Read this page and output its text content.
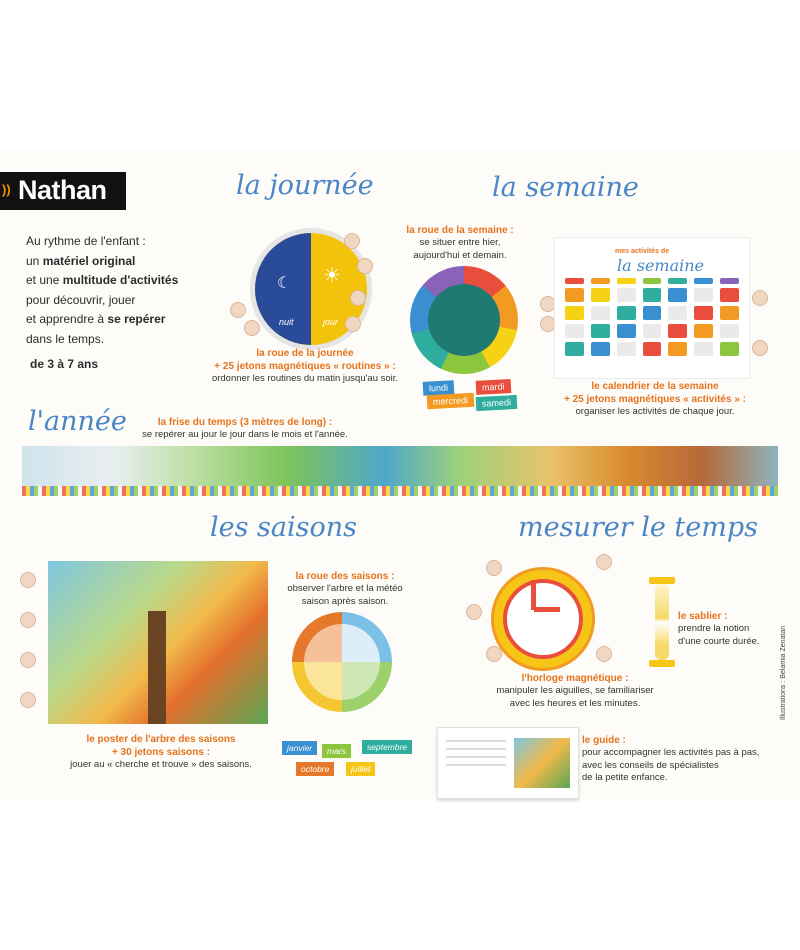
)) Nathan
Au rythme de l'enfant :
un matériel original
et une multitude d'activités
pour découvrir, jouer
et apprendre à se repérer
dans le temps.
de 3 à 7 ans
la journée
nuit	jour
☾ ☀
la roue de la journée
+ 25 jetons magnétiques « routines » :
ordonner les routines du matin jusqu'au soir.
la semaine
la roue de la semaine :
se situer entre hier,
aujourd'hui et demain.
lundi	mardi
mercredi	samedi
mes activités de
la semaine
le calendrier de la semaine
+ 25 jetons magnétiques « activités » :
organiser les activités de chaque jour.
l'année	la frise du temps (3 mètres de long) :
se repérer au jour le jour dans le mois et l'année.
les saisons
la roue des saisons :
observer l'arbre et la météo
saison après saison.
janvier	mars	septembre
octobre	juillet
le poster de l'arbre des saisons
+ 30 jetons saisons :
jouer au « cherche et trouve » des saisons.
mesurer le temps
le sablier :
prendre la notion
d'une courte durée.
l'horloge magnétique :
manipuler les aiguilles, se familiariser
avec les heures et les minutes.
le guide :
pour accompagner les activités pas à pas,
avec les conseils de spécialistes
de la petite enfance.
Illustrations : Belamia Zenatan
